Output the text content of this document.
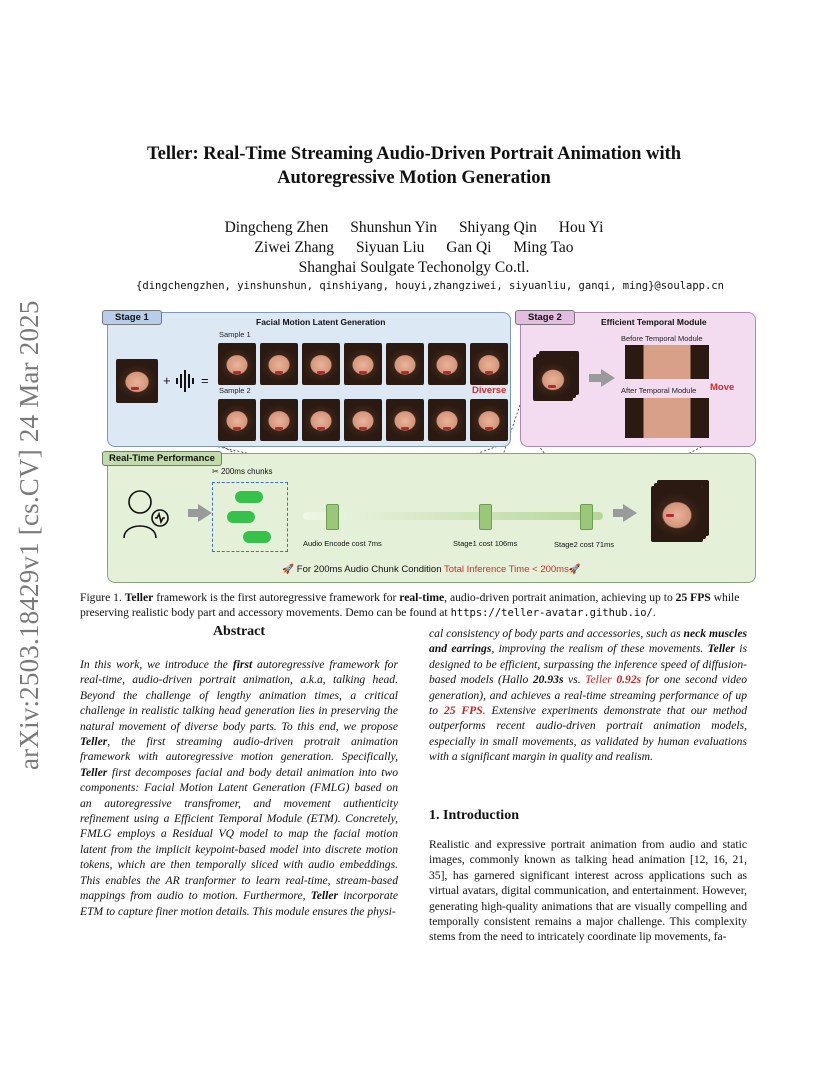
arXiv:2503.18429v1 [cs.CV] 24 Mar 2025
Teller: Real-Time Streaming Audio-Driven Portrait Animation with
Autoregressive Motion Generation
Dingcheng Zhen Shunshun Yin Shiyang Qin Hou Yi
Ziwei Zhang Siyuan Liu Gan Qi Ming Tao
Shanghai Soulgate Techonolgy Co.tl.
{dingchengzhen, yinshunshun, qinshiyang, houyi,zhangziwei, siyuanliu, ganqi, ming}@soulapp.cn
Stage 1	Facial Motion Latent Generation
Sample 1
+ =
Sample 2	Diverse
Stage 2	Efficient Temporal Module
Before Temporal Module
After Temporal Module Move
Real-Time Performance
✂ 200ms chunks
Audio Encode cost 7ms	Stage1 cost 106ms	Stage2 cost 71ms
🚀 For 200ms Audio Chunk Condition Total Inference Time < 200ms🚀
Figure 1. Teller framework is the first autoregressive framework for real-time, audio-driven portrait animation, achieving up to 25 FPS while preserving realistic body part and accessory movements. Demo can be found at https://teller-avatar.github.io/.
Abstract
In this work, we introduce the first autoregressive framework for real-time, audio-driven portrait animation, a.k.a, talking head. Beyond the challenge of lengthy animation times, a critical challenge in realistic talking head generation lies in preserving the natural movement of diverse body parts. To this end, we propose Teller, the first streaming audio-driven protrait animation framework with autoregressive motion generation. Specifically, Teller first decomposes facial and body detail animation into two components: Facial Motion Latent Generation (FMLG) based on an autoregressive transfromer, and movement authenticity refinement using a Efficient Temporal Module (ETM). Concretely, FMLG employs a Residual VQ model to map the facial motion latent from the implicit keypoint-based model into discrete motion tokens, which are then temporally sliced with audio embeddings. This enables the AR tranformer to learn real-time, stream-based mappings from audio to motion. Furthermore, Teller incorporate ETM to capture finer motion details. This module ensures the physi-
cal consistency of body parts and accessories, such as neck muscles and earrings, improving the realism of these movements. Teller is designed to be efficient, surpassing the inference speed of diffusion-based models (Hallo 20.93s vs. Teller 0.92s for one second video generation), and achieves a real-time streaming performance of up to 25 FPS. Extensive experiments demonstrate that our method outperforms recent audio-driven portrait animation models, especially in small movements, as validated by human evaluations with a significant margin in quality and realism.
1. Introduction
Realistic and expressive portrait animation from audio and static images, commonly known as talking head animation [12, 16, 21, 35], has garnered significant interest across applications such as virtual avatars, digital communication, and entertainment. However, generating high-quality animations that are visually compelling and temporally consistent remains a major challenge. This complexity stems from the need to intricately coordinate lip movements, fa-
